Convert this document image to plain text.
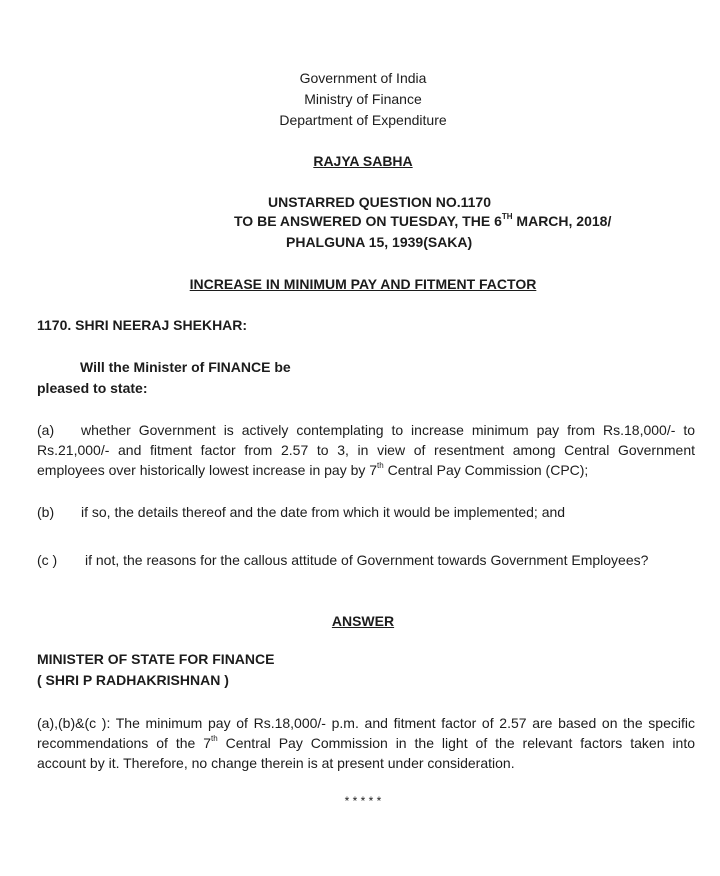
Government of India
Ministry of Finance
Department of Expenditure
RAJYA SABHA
UNSTARRED QUESTION NO.1170
TO BE ANSWERED ON TUESDAY, THE 6TH MARCH, 2018/
PHALGUNA 15, 1939(SAKA)
INCREASE IN MINIMUM PAY AND FITMENT FACTOR
1170. SHRI NEERAJ SHEKHAR:
Will the Minister of FINANCE be
pleased to state:
(a) whether Government is actively contemplating to increase minimum pay from Rs.18,000/- to
Rs.21,000/- and fitment factor from 2.57 to 3, in view of resentment among Central Government
employees over historically lowest increase in pay by 7th Central Pay Commission (CPC);
(b) if so, the details thereof and the date from which it would be implemented; and
(c ) if not, the reasons for the callous attitude of Government towards Government Employees?
ANSWER
MINISTER OF STATE FOR FINANCE
( SHRI P RADHAKRISHNAN )
(a),(b)&(c ): The minimum pay of Rs.18,000/- p.m. and fitment factor of 2.57 are based on the specific
recommendations of the 7th Central Pay Commission in the light of the relevant factors taken into
account by it. Therefore, no change therein is at present under consideration.
* * * * *
